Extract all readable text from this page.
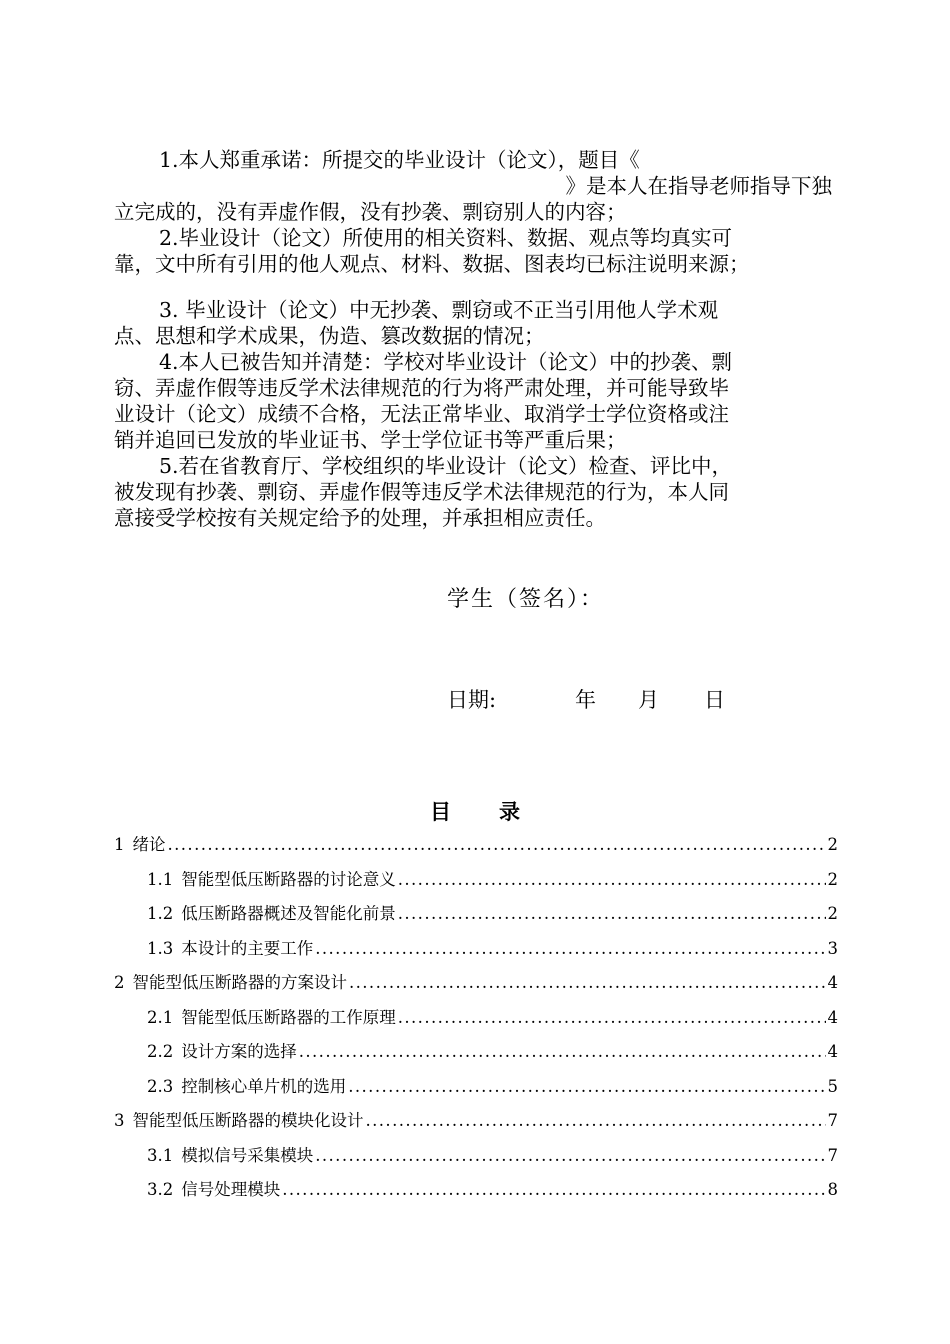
1.本人郑重承诺：所提交的毕业设计（论文），题目《
》是本人在指导老师指导下独
立完成的，没有弄虚作假，没有抄袭、剽窃别人的内容；
2.毕业设计（论文）所使用的相关资料、数据、观点等均真实可
靠，文中所有引用的他人观点、材料、数据、图表均已标注说明来源；
3. 毕业设计（论文）中无抄袭、剽窃或不正当引用他人学术观
点、思想和学术成果，伪造、篡改数据的情况；
4.本人已被告知并清楚：学校对毕业设计（论文）中的抄袭、剽
窃、弄虚作假等违反学术法律规范的行为将严肃处理，并可能导致毕
业设计（论文）成绩不合格，无法正常毕业、取消学士学位资格或注
销并追回已发放的毕业证书、学士学位证书等严重后果；
5.若在省教育厅、学校组织的毕业设计（论文）检查、评比中，
被发现有抄袭、剽窃、弄虚作假等违反学术法律规范的行为，本人同
意接受学校按有关规定给予的处理，并承担相应责任。
学生（签名）：
日期:	年 月 日
目 录
1 绪论 .....	2
1.1 智能型低压断路器的讨论意义 .....	2
1.2 低压断路器概述及智能化前景 .....	2
1.3 本设计的主要工作 .....	3
2 智能型低压断路器的方案设计 .....	4
2.1 智能型低压断路器的工作原理 .....	4
2.2 设计方案的选择 .....	4
2.3 控制核心单片机的选用 .....	5
3 智能型低压断路器的模块化设计 .....	7
3.1 模拟信号采集模块 .....	7
3.2 信号处理模块 .....	8
